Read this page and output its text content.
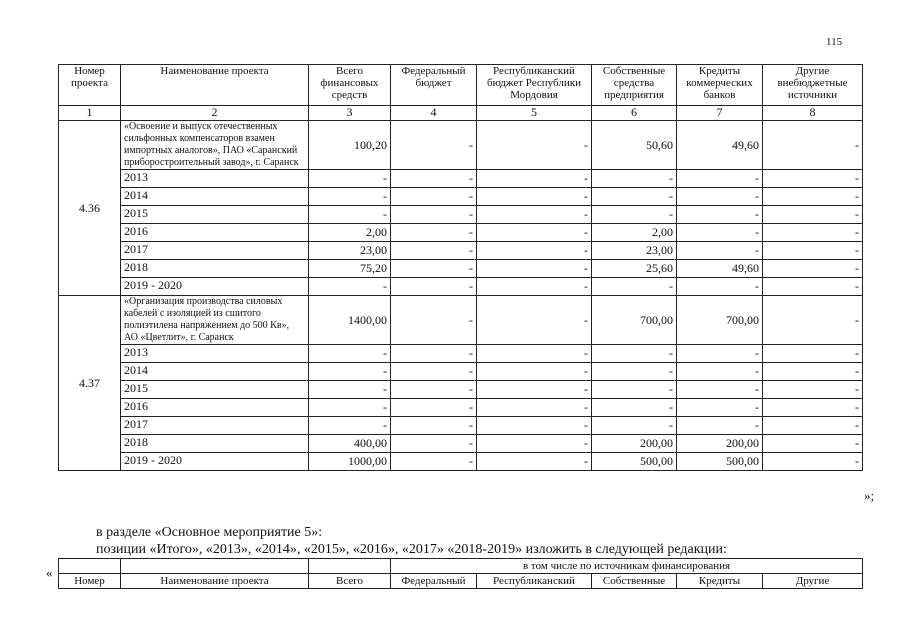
115
Номер проекта	Наименование проекта	Всего финансовых средств	Федеральный бюджет	Республиканский бюджет Республики Мордовия	Собственные средства предприятия	Кредиты коммерческих банков	Другие внебюджетные источники
1	2	3	4	5	6	7	8
4.36	«Освоение и выпуск отечественных сильфонных компенсаторов взамен импортных аналогов», ПАО «Саранский приборостроительный завод», г. Саранск	100,20	-	-	50,60	49,60	-
	2013	-	-	-	-	-	-
	2014	-	-	-	-	-	-
	2015	-	-	-	-	-	-
	2016	2,00	-	-	2,00	-	-
	2017	23,00	-	-	23,00	-	-
	2018	75,20	-	-	25,60	49,60	-
	2019 - 2020	-	-	-	-	-	-
4.37	«Организация производства силовых кабелей с изоляцией из сшитого полиэтилена напряжением до 500 Кв», АО «Цветлит», г. Саранск	1400,00	-	-	700,00	700,00	-
	2013	-	-	-	-	-	-
	2014	-	-	-	-	-	-
	2015	-	-	-	-	-	-
	2016	-	-	-	-	-	-
	2017	-	-	-	-	-	-
	2018	400,00	-	-	200,00	200,00	-
	2019 - 2020	1000,00	-	-	500,00	500,00	-
»;
в разделе «Основное мероприятие 5»:
позиции «Итого», «2013», «2014», «2015», «2016», «2017» «2018-2019» изложить в следующей редакции:
«
				в том числе по источникам финансирования				
Номер	Наименование проекта	Всего	Федеральный	Республиканский	Собственные	Кредиты	Другие
